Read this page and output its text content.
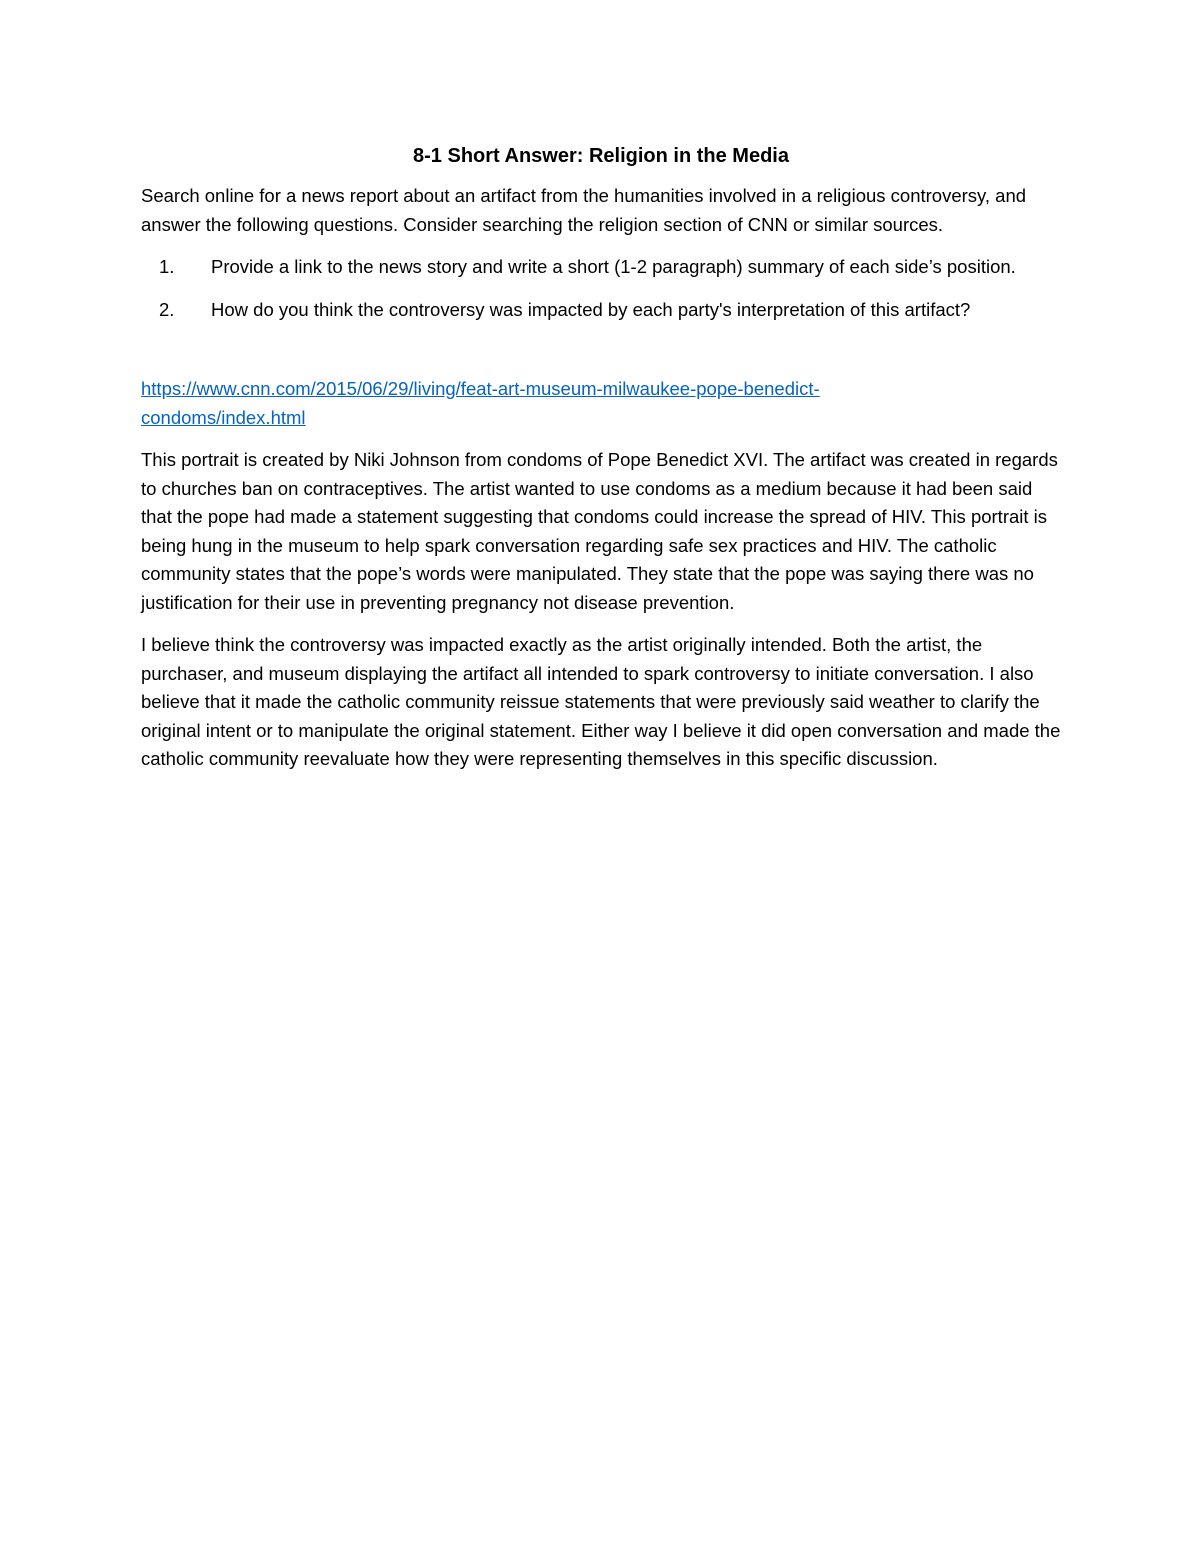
8-1 Short Answer: Religion in the Media

Search online for a news report about an artifact from the humanities involved in a religious controversy, and answer the following questions. Consider searching the religion section of CNN or similar sources.

1. Provide a link to the news story and write a short (1-2 paragraph) summary of each side’s position.
2. How do you think the controversy was impacted by each party's interpretation of this artifact?

https://www.cnn.com/2015/06/29/living/feat-art-museum-milwaukee-pope-benedict-
condoms/index.html

This portrait is created by Niki Johnson from condoms of Pope Benedict XVI. The artifact was created in regards to churches ban on contraceptives. The artist wanted to use condoms as a medium because it had been said that the pope had made a statement suggesting that condoms could increase the spread of HIV. This portrait is being hung in the museum to help spark conversation regarding safe sex practices and HIV. The catholic community states that the pope’s words were manipulated. They state that the pope was saying there was no justification for their use in preventing pregnancy not disease prevention.

I believe think the controversy was impacted exactly as the artist originally intended. Both the artist, the purchaser, and museum displaying the artifact all intended to spark controversy to initiate conversation. I also believe that it made the catholic community reissue statements that were previously said weather to clarify the original intent or to manipulate the original statement. Either way I believe it did open conversation and made the catholic community reevaluate how they were representing themselves in this specific discussion.
